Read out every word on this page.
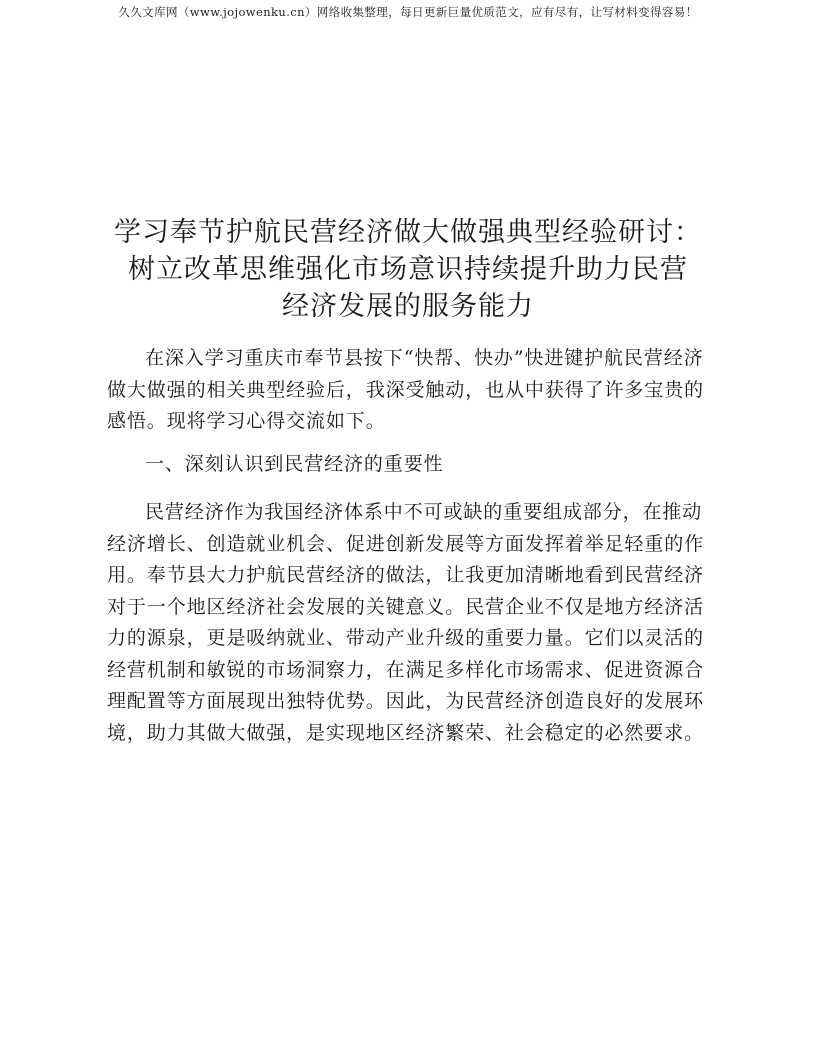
久久文库网（www.jojowenku.cn）网络收集整理，每日更新巨量优质范文，应有尽有，让写材料变得容易！
学习奉节护航民营经济做大做强典型经验研讨：
树立改革思维强化市场意识持续提升助力民营
经济发展的服务能力

在深入学习重庆市奉节县按下“快帮、快办”快进键护航民营经济做大做强的相关典型经验后，我深受触动，也从中获得了许多宝贵的感悟。现将学习心得交流如下。

一、深刻认识到民营经济的重要性

民营经济作为我国经济体系中不可或缺的重要组成部分，在推动经济增长、创造就业机会、促进创新发展等方面发挥着举足轻重的作用。奉节县大力护航民营经济的做法，让我更加清晰地看到民营经济对于一个地区经济社会发展的关键意义。民营企业不仅是地方经济活力的源泉，更是吸纳就业、带动产业升级的重要力量。它们以灵活的经营机制和敏锐的市场洞察力，在满足多样化市场需求、促进资源合理配置等方面展现出独特优势。因此，为民营经济创造良好的发展环境，助力其做大做强，是实现地区经济繁荣、社会稳定的必然要求。
